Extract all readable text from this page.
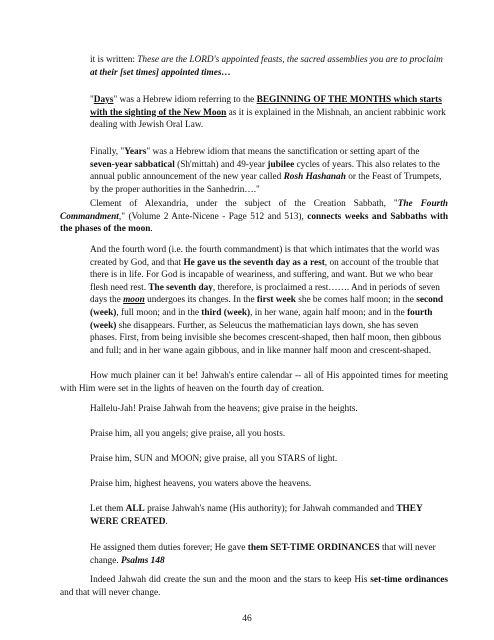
it is written: These are the LORD's appointed feasts, the sacred assemblies you are to proclaim at their [set times] appointed times…

"Days" was a Hebrew idiom referring to the BEGINNING OF THE MONTHS which starts with the sighting of the New Moon as it is explained in the Mishnah, an ancient rabbinic work dealing with Jewish Oral Law.

Finally, "Years" was a Hebrew idiom that means the sanctification or setting apart of the seven-year sabbatical (Sh'mittah) and 49-year jubilee cycles of years. This also relates to the annual public announcement of the new year called Rosh Hashanah or the Feast of Trumpets, by the proper authorities in the Sanhedrin…."

Clement of Alexandria, under the subject of the Creation Sabbath, "The Fourth Commandment," (Volume 2 Ante-Nicene - Page 512 and 513), connects weeks and Sabbaths with the phases of the moon.

And the fourth word (i.e. the fourth commandment) is that which intimates that the world was created by God, and that He gave us the seventh day as a rest, on account of the trouble that there is in life. For God is incapable of weariness, and suffering, and want. But we who bear flesh need rest. The seventh day, therefore, is proclaimed a rest……. And in periods of seven days the moon undergoes its changes. In the first week she be comes half moon; in the second (week), full moon; and in the third (week), in her wane, again half moon; and in the fourth (week) she disappears. Further, as Seleucus the mathematician lays down, she has seven phases. First, from being invisible she becomes crescent-shaped, then half moon, then gibbous and full; and in her wane again gibbous, and in like manner half moon and crescent-shaped.

How much plainer can it be! Jahwah's entire calendar -- all of His appointed times for meeting with Him were set in the lights of heaven on the fourth day of creation.

Hallelu-Jah! Praise Jahwah from the heavens; give praise in the heights.

Praise him, all you angels; give praise, all you hosts.

Praise him, SUN and MOON; give praise, all you STARS of light.

Praise him, highest heavens, you waters above the heavens.

Let them ALL praise Jahwah's name (His authority); for Jahwah commanded and THEY WERE CREATED.

He assigned them duties forever; He gave them SET-TIME ORDINANCES that will never change. Psalms 148

Indeed Jahwah did create the sun and the moon and the stars to keep His set-time ordinances and that will never change.

46
